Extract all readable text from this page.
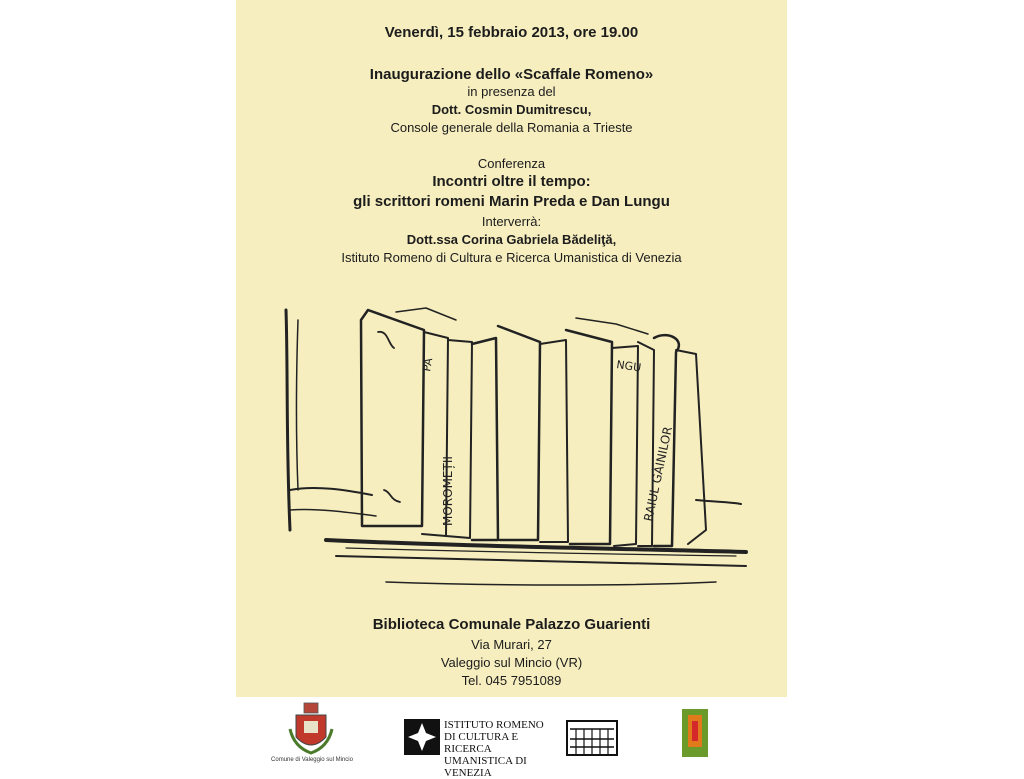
Venerdì, 15 febbraio 2013, ore 19.00
Inaugurazione dello «Scaffale Romeno»
in presenza del
Dott. Cosmin Dumitrescu,
Console generale della Romania a Trieste
Conferenza
Incontri oltre il tempo:
gli scrittori romeni Marin Preda e Dan Lungu
Interverrà:
Dott.ssa Corina Gabriela Bădeliţă,
Istituto Romeno di Cultura e Ricerca Umanistica di Venezia
MOROMEȚII	RAIUL GĂINILOR
PA	NGU
Biblioteca Comunale Palazzo Guarienti
Via Murari, 27
Valeggio sul Mincio (VR)
Tel. 045 7951089
Comune di Valeggio sul Mincio
ISTITUTO ROMENO
DI CULTURA E RICERCA
UMANISTICA DI VENEZIA
